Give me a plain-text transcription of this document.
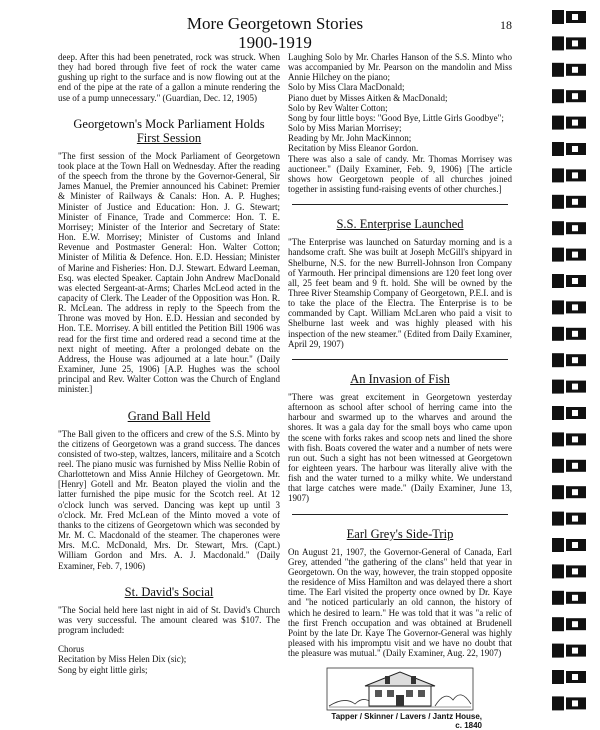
More Georgetown Stories
1900-1919
18

deep. After this had been penetrated, rock was struck. When they had bored through five feet of rock the water came gushing up right to the surface and is now flowing out at the end of the pipe at the rate of a gallon a minute rendering the use of a pump unnecessary." (Guardian, Dec. 12, 1905)

Georgetown's Mock Parliament Holds
First Session

"The first session of the Mock Parliament of Georgetown took place at the Town Hall on Wednesday. After the reading of the speech from the throne by the Governor-General, Sir James Manuel, the Premier announced his Cabinet: Premier & Minister of Railways & Canals: Hon. A. P. Hughes; Minister of Justice and Education: Hon. J. G. Stewart; Minister of Finance, Trade and Commerce: Hon. T. E. Morrisey; Minister of the Interior and Secretary of State: Hon. E.W. Morrisey; Minister of Customs and Inland Revenue and Postmaster General: Hon. Walter Cotton; Minister of Militia & Defence. Hon. E.D. Hessian; Minister of Marine and Fisheries: Hon. D.J. Stewart. Edward Leeman, Esq. was elected Speaker. Captain John Andrew MacDonald was elected Sergeant-at-Arms; Charles McLeod acted in the capacity of Clerk. The Leader of the Opposition was Hon. R. R. McLean. The address in reply to the Speech from the Throne was moved by Hon. E.D. Hessian and seconded by Hon. T.E. Morrisey. A bill entitled the Petition Bill 1906 was read for the first time and ordered read a second time at the next night of meeting. After a prolonged debate on the Address, the House was adjourned at a late hour." (Daily Examiner, June 25, 1906) [A.P. Hughes was the school principal and Rev. Walter Cotton was the Church of England minister.]

Grand Ball Held

"The Ball given to the officers and crew of the S.S. Minto by the citizens of Georgetown was a grand success. The dances consisted of two-step, waltzes, lancers, militaire and a Scotch reel. The piano music was furnished by Miss Nellie Robin of Charlottetown and Miss Annie Hilchey of Georgetown. Mr. [Henry] Gotell and Mr. Beaton played the violin and the latter furnished the pipe music for the Scotch reel. At 12 o'clock lunch was served. Dancing was kept up until 3 o'clock. Mr. Fred McLean of the Minto moved a vote of thanks to the citizens of Georgetown which was seconded by Mr. M. C. Macdonald of the steamer. The chaperones were Mrs. M.C. McDonald, Mrs. Dr. Stewart, Mrs. (Capt.) William Gordon and Mrs. A. J. Macdonald." (Daily Examiner, Feb. 7, 1906)

St. David's Social

"The Social held here last night in aid of St. David's Church was very successful. The amount cleared was $107. The program included:

Chorus
Recitation by Miss Helen Dix (sic);
Song by eight little girls;
Laughing Solo by Mr. Charles Hanson of the S.S. Minto who was accompanied by Mr. Pearson on the mandolin and Miss Annie Hilchey on the piano;
Solo by Miss Clara MacDonald;
Piano duet by Misses Aitken & MacDonald;
Solo by Rev Walter Cotton;
Song by four little boys: "Good Bye, Little Girls Goodbye";
Solo by Miss Marian Morrisey;
Reading by Mr. John MacKinnon;
Recitation by Miss Eleanor Gordon.

There was also a sale of candy. Mr. Thomas Morrisey was auctioneer." (Daily Examiner, Feb. 9, 1906) [The article shows how Georgetown people of all churches joined together in assisting fund-raising events of other churches.]

S.S. Enterprise Launched

"The Enterprise was launched on Saturday morning and is a handsome craft. She was built at Joseph McGill's shipyard in Shelburne, N.S. for the new Burrell-Johnson Iron Company of Yarmouth. Her principal dimensions are 120 feet long over all, 25 feet beam and 9 ft. hold. She will be owned by the Three River Steamship Company of Georgetown, P.E.I. and is to take the place of the Electra. The Enterprise is to be commanded by Capt. William McLaren who paid a visit to Shelburne last week and was highly pleased with his inspection of the new steamer." (Edited from Daily Examiner, April 29, 1907)

An Invasion of Fish

"There was great excitement in Georgetown yesterday afternoon as school after school of herring came into the harbour and swarmed up to the wharves and around the shores. It was a gala day for the small boys who came upon the scene with forks rakes and scoop nets and lined the shore with fish. Boats covered the water and a number of nets were run out. Such a sight has not been witnessed at Georgetown for eighteen years. The harbour was literally alive with the fish and the water turned to a milky white. We understand that large catches were made." (Daily Examiner, June 13, 1907)

Earl Grey's Side-Trip

On August 21, 1907, the Governor-General of Canada, Earl Grey, attended "the gathering of the clans" held that year in Georgetown. On the way, however, the train stopped opposite the residence of Miss Hamilton and was delayed there a short time. The Earl visited the property once owned by Dr. Kaye and "he noticed particularly an old cannon, the history of which he desired to learn." He was told that it was "a relic of the first French occupation and was obtained at Brudenell Point by the late Dr. Kaye The Governor-General was highly pleased with his impromptu visit and we have no doubt that the pleasure was mutual." (Daily Examiner, Aug. 22, 1907)

Tapper / Skinner / Lavers / Jantz House,
c. 1840
